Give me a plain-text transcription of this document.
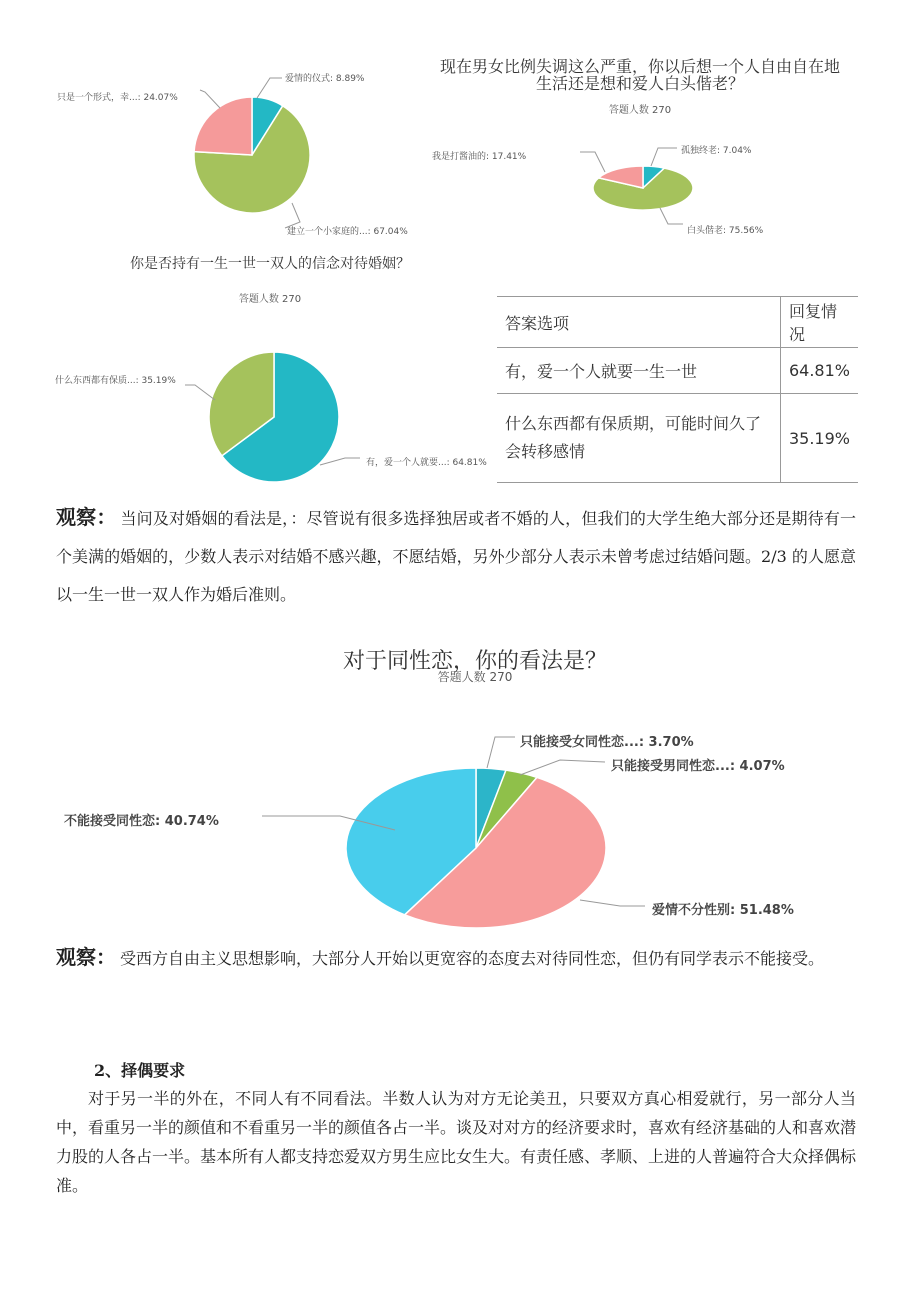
爱情的仪式: 8.89%
建立一个小家庭的...: 67.04%
只是一个形式，幸...: 24.07%
现在男女比例失调这么严重，你以后想一个人自由自在地生活还是想和爱人白头偕老？
答题人数 270
孤独终老: 7.04%
白头偕老: 75.56%
我是打酱油的: 17.41%
你是否持有一生一世一双人的信念对待婚姻？
答题人数 270
什么东西都有保质...: 35.19%
有，爱一个人就要...: 64.81%
答案选项	回复情况
有，爱一个人就要一生一世	64.81%

什么东西都有保质期，可能时间久了
会转移感情	35.19%
观察： 当问及对婚姻的看法是，：尽管说有很多选择独居或者不婚的人，但我们的大学生绝大部分还是期待有一个美满的婚姻的，少数人表示对结婚不感兴趣，不愿结婚，另外少部分人表示未曾考虑过结婚问题。2/3 的人愿意以一生一世一双人作为婚后准则。
对于同性恋，你的看法是？
答题人数 270
只能接受女同性恋...: 3.70%
只能接受男同性恋...: 4.07%
爱情不分性别: 51.48%
不能接受同性恋: 40.74%
观察： 受西方自由主义思想影响，大部分人开始以更宽容的态度去对待同性恋，但仍有同学表示不能接受。
2、择偶要求
对于另一半的外在，不同人有不同看法。半数人认为对方无论美丑，只要双方真心相爱就行，另一部分人当中，看重另一半的颜值和不看重另一半的颜值各占一半。谈及对对方的经济要求时，喜欢有经济基础的人和喜欢潜力股的人各占一半。基本所有人都支持恋爱双方男生应比女生大。有责任感、孝顺、上进的人普遍符合大众择偶标准。
